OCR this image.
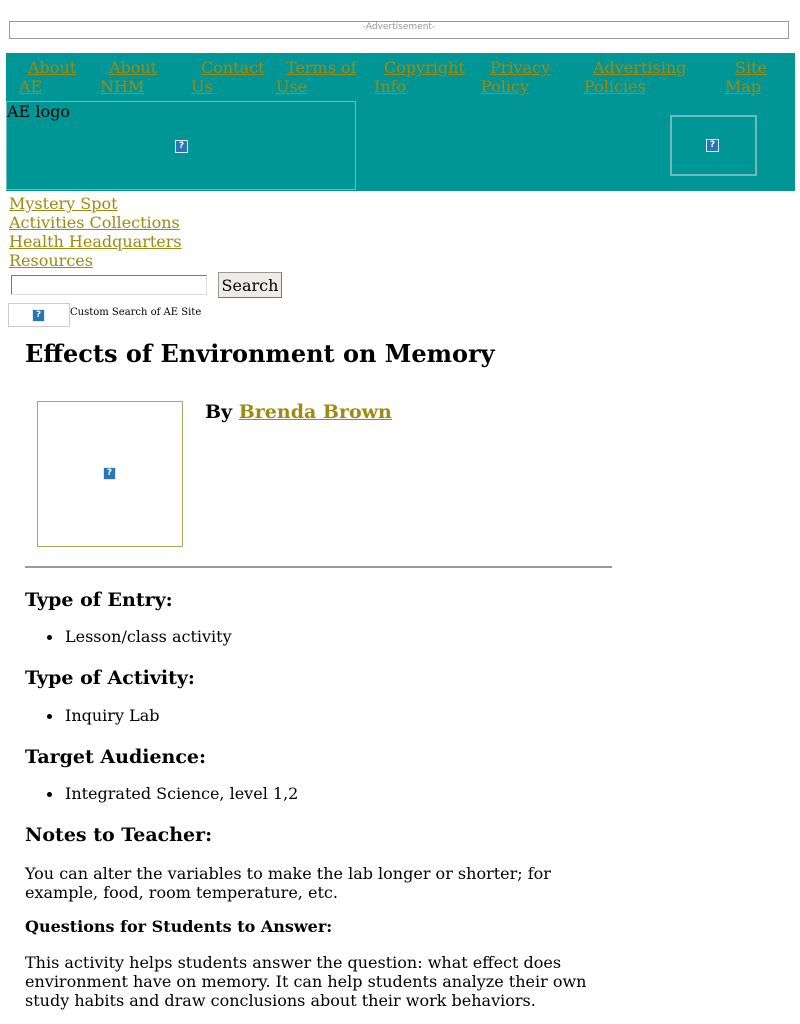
-Advertisement-
About
AE
About
NHM
Contact
Us
Terms of
Use
Copyright
Info
Privacy
Policy
Advertising
Policies
Site
Map
AE logo
?	?
Mystery Spot
Activities Collections
Health Headquarters
Resources
Search
?	Custom Search of AE Site
Effects of Environment on Memory
?
By Brenda Brown
Type of Entry:
Lesson/class activity
Type of Activity:
Inquiry Lab
Target Audience:
Integrated Science, level 1,2
Notes to Teacher:

You can alter the variables to make the lab longer or shorter; for example, food, room temperature, etc.

Questions for Students to Answer:

This activity helps students answer the question: what effect does environment have on memory. It can help students analyze their own study habits and draw conclusions about their work behaviors.
